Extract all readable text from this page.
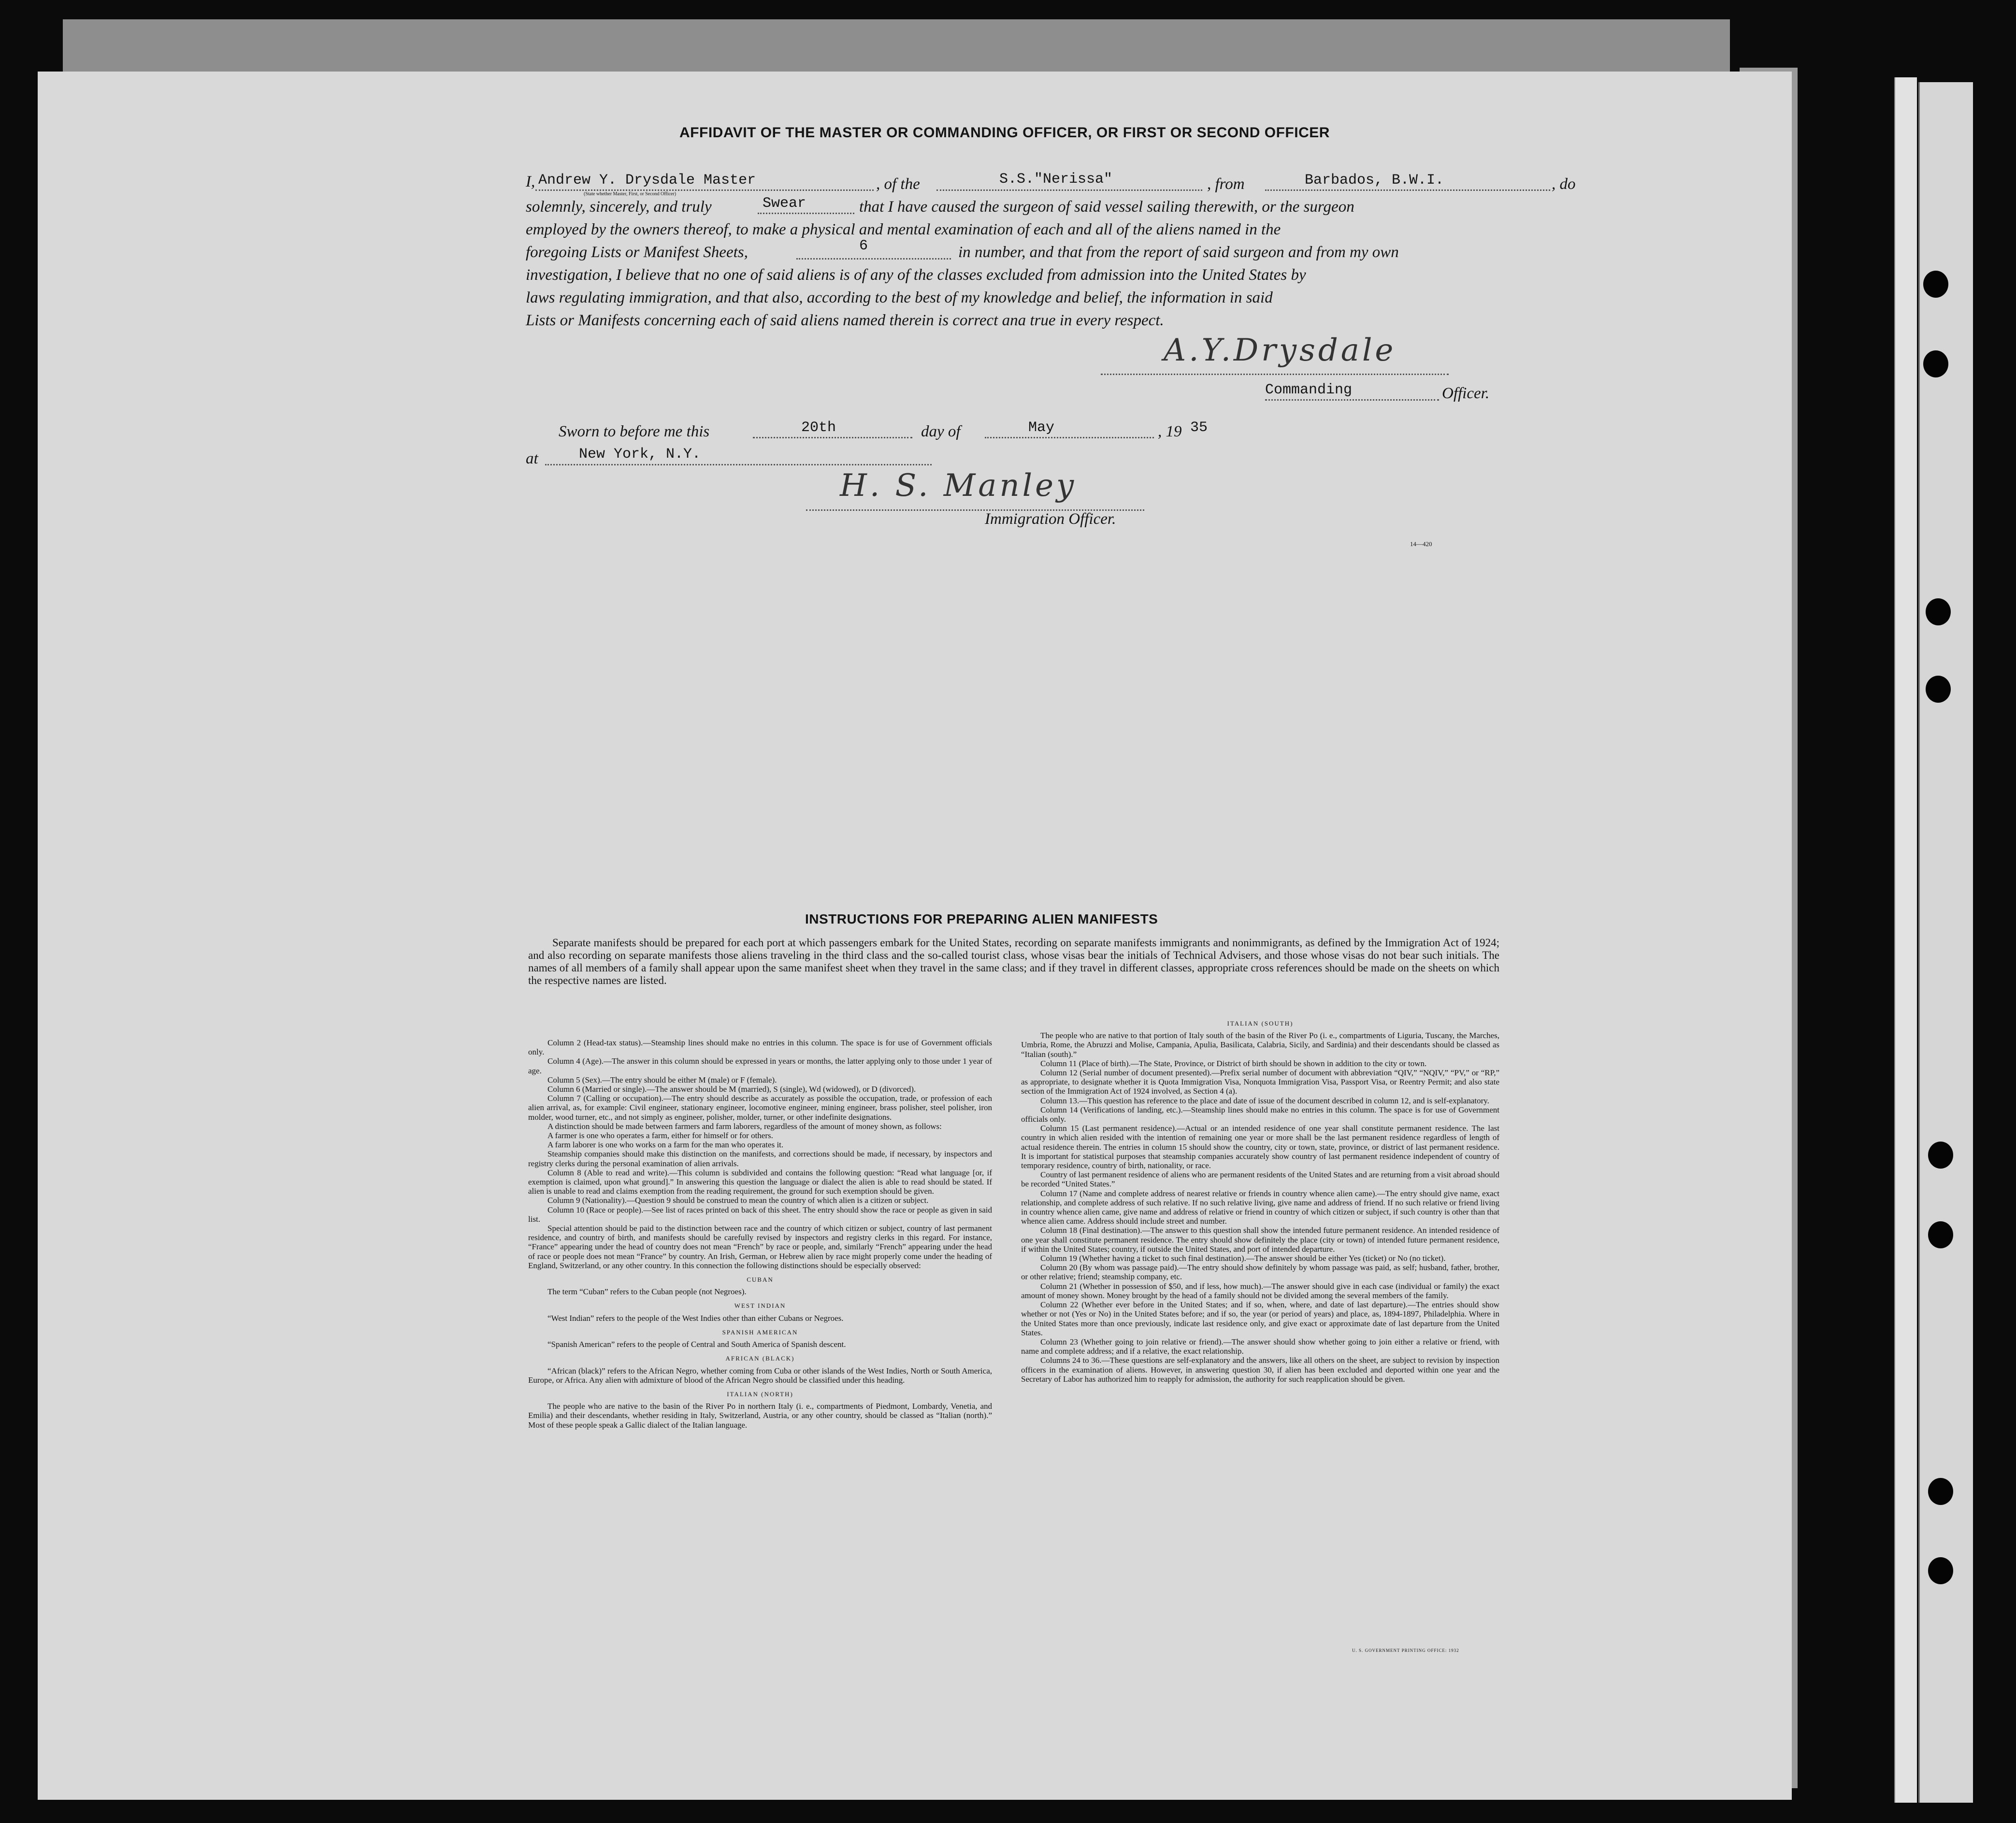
AFFIDAVIT OF THE MASTER OR COMMANDING OFFICER, OR FIRST OR SECOND OFFICER
I, Andrew Y. Drysdale Master	, of the	S.S."Nerissa"	, from	Barbados, B.W.I.	, do
(State whether Master, First, or Second Officer)
solemnly, sincerely, and truly	Swear	that I have caused the surgeon of said vessel sailing therewith, or the surgeon
employed by the owners thereof, to make a physical and mental examination of each and all of the aliens named in the
foregoing Lists or Manifest Sheets,	6	in number, and that from the report of said surgeon and from my own
investigation, I believe that no one of said aliens is of any of the classes excluded from admission into the United States by
laws regulating immigration, and that also, according to the best of my knowledge and belief, the information in said
Lists or Manifests concerning each of said aliens named therein is correct ana true in every respect.
A.Y.Drysdale
Commanding	Officer.
Sworn to before me this	20th	day of	May	, 19 35
at	New York, N.Y.
H. S. Manley
Immigration Officer.
14—420
INSTRUCTIONS FOR PREPARING ALIEN MANIFESTS
Separate manifests should be prepared for each port at which passengers embark for the United States, recording on separate manifests immigrants and nonimmigrants, as defined by the Immigration Act of 1924; and also recording on separate manifests those aliens traveling in the third class and the so-called tourist class, whose visas bear the initials of Technical Advisers, and those whose visas do not bear such initials. The names of all members of a family shall appear upon the same manifest sheet when they travel in the same class; and if they travel in different classes, appropriate cross references should be made on the sheets on which the respective names are listed.

Column 2 (Head-tax status).—Steamship lines should make no entries in this column. The space is for use of Government officials only.

Column 4 (Age).—The answer in this column should be expressed in years or months, the latter applying only to those under 1 year of age.

Column 5 (Sex).—The entry should be either M (male) or F (female).

Column 6 (Married or single).—The answer should be M (married), S (single), Wd (widowed), or D (divorced).

Column 7 (Calling or occupation).—The entry should describe as accurately as possible the occupation, trade, or profession of each alien arrival, as, for example: Civil engineer, stationary engineer, locomotive engineer, mining engineer, brass polisher, steel polisher, iron molder, wood turner, etc., and not simply as engineer, polisher, molder, turner, or other indefinite designations.

A distinction should be made between farmers and farm laborers, regardless of the amount of money shown, as follows:

A farmer is one who operates a farm, either for himself or for others.

A farm laborer is one who works on a farm for the man who operates it.

Steamship companies should make this distinction on the manifests, and corrections should be made, if necessary, by inspectors and registry clerks during the personal examination of alien arrivals.

Column 8 (Able to read and write).—This column is subdivided and contains the following question: “Read what language [or, if exemption is claimed, upon what ground].” In answering this question the language or dialect the alien is able to read should be stated. If alien is unable to read and claims exemption from the reading requirement, the ground for such exemption should be given.

Column 9 (Nationality).—Question 9 should be construed to mean the country of which alien is a citizen or subject.

Column 10 (Race or people).—See list of races printed on back of this sheet. The entry should show the race or people as given in said list.

Special attention should be paid to the distinction between race and the country of which citizen or subject, country of last permanent residence, and country of birth, and manifests should be carefully revised by inspectors and registry clerks in this regard. For instance, “France” appearing under the head of country does not mean “French” by race or people, and, similarly “French” appearing under the head of race or people does not mean “France” by country. An Irish, German, or Hebrew alien by race might properly come under the heading of England, Switzerland, or any other country. In this connection the following distinctions should be especially observed:

CUBAN

The term “Cuban” refers to the Cuban people (not Negroes).

WEST INDIAN

“West Indian” refers to the people of the West Indies other than either Cubans or Negroes.

SPANISH AMERICAN

“Spanish American” refers to the people of Central and South America of Spanish descent.

AFRICAN (BLACK)

“African (black)” refers to the African Negro, whether coming from Cuba or other islands of the West Indies, North or South America, Europe, or Africa. Any alien with admixture of blood of the African Negro should be classified under this heading.

ITALIAN (NORTH)

The people who are native to the basin of the River Po in northern Italy (i. e., compartments of Piedmont, Lombardy, Venetia, and Emilia) and their descendants, whether residing in Italy, Switzerland, Austria, or any other country, should be classed as “Italian (north).” Most of these people speak a Gallic dialect of the Italian language.

ITALIAN (SOUTH)

The people who are native to that portion of Italy south of the basin of the River Po (i. e., compartments of Liguria, Tuscany, the Marches, Umbria, Rome, the Abruzzi and Molise, Campania, Apulia, Basilicata, Calabria, Sicily, and Sardinia) and their descendants should be classed as “Italian (south).”

Column 11 (Place of birth).—The State, Province, or District of birth should be shown in addition to the city or town.

Column 12 (Serial number of document presented).—Prefix serial number of document with abbreviation “QIV,” “NQIV,” “PV,” or “RP,” as appropriate, to designate whether it is Quota Immigration Visa, Nonquota Immigration Visa, Passport Visa, or Reentry Permit; and also state section of the Immigration Act of 1924 involved, as Section 4 (a).

Column 13.—This question has reference to the place and date of issue of the document described in column 12, and is self-explanatory.

Column 14 (Verifications of landing, etc.).—Steamship lines should make no entries in this column. The space is for use of Government officials only.

Column 15 (Last permanent residence).—Actual or an intended residence of one year shall constitute permanent residence. The last country in which alien resided with the intention of remaining one year or more shall be the last permanent residence regardless of length of actual residence therein. The entries in column 15 should show the country, city or town, state, province, or district of last permanent residence. It is important for statistical purposes that steamship companies accurately show country of last permanent residence independent of country of temporary residence, country of birth, nationality, or race.

Country of last permanent residence of aliens who are permanent residents of the United States and are returning from a visit abroad should be recorded “United States.”

Column 17 (Name and complete address of nearest relative or friends in country whence alien came).—The entry should give name, exact relationship, and complete address of such relative. If no such relative living, give name and address of friend. If no such relative or friend living in country whence alien came, give name and address of relative or friend in country of which citizen or subject, if such country is other than that whence alien came. Address should include street and number.

Column 18 (Final destination).—The answer to this question shall show the intended future permanent residence. An intended residence of one year shall constitute permanent residence. The entry should show definitely the place (city or town) of intended future permanent residence, if within the United States; country, if outside the United States, and port of intended departure.

Column 19 (Whether having a ticket to such final destination).—The answer should be either Yes (ticket) or No (no ticket).

Column 20 (By whom was passage paid).—The entry should show definitely by whom passage was paid, as self; husband, father, brother, or other relative; friend; steamship company, etc.

Column 21 (Whether in possession of $50, and if less, how much).—The answer should give in each case (individual or family) the exact amount of money shown. Money brought by the head of a family should not be divided among the several members of the family.

Column 22 (Whether ever before in the United States; and if so, when, where, and date of last departure).—The entries should show whether or not (Yes or No) in the United States before; and if so, the year (or period of years) and place, as, 1894-1897, Philadelphia. Where in the United States more than once previously, indicate last residence only, and give exact or approximate date of last departure from the United States.

Column 23 (Whether going to join relative or friend).—The answer should show whether going to join either a relative or friend, with name and complete address; and if a relative, the exact relationship.

Columns 24 to 36.—These questions are self-explanatory and the answers, like all others on the sheet, are subject to revision by inspection officers in the examination of aliens. However, in answering question 30, if alien has been excluded and deported within one year and the Secretary of Labor has authorized him to reapply for admission, the authority for such reapplication should be given.

U. S. GOVERNMENT PRINTING OFFICE: 1932
